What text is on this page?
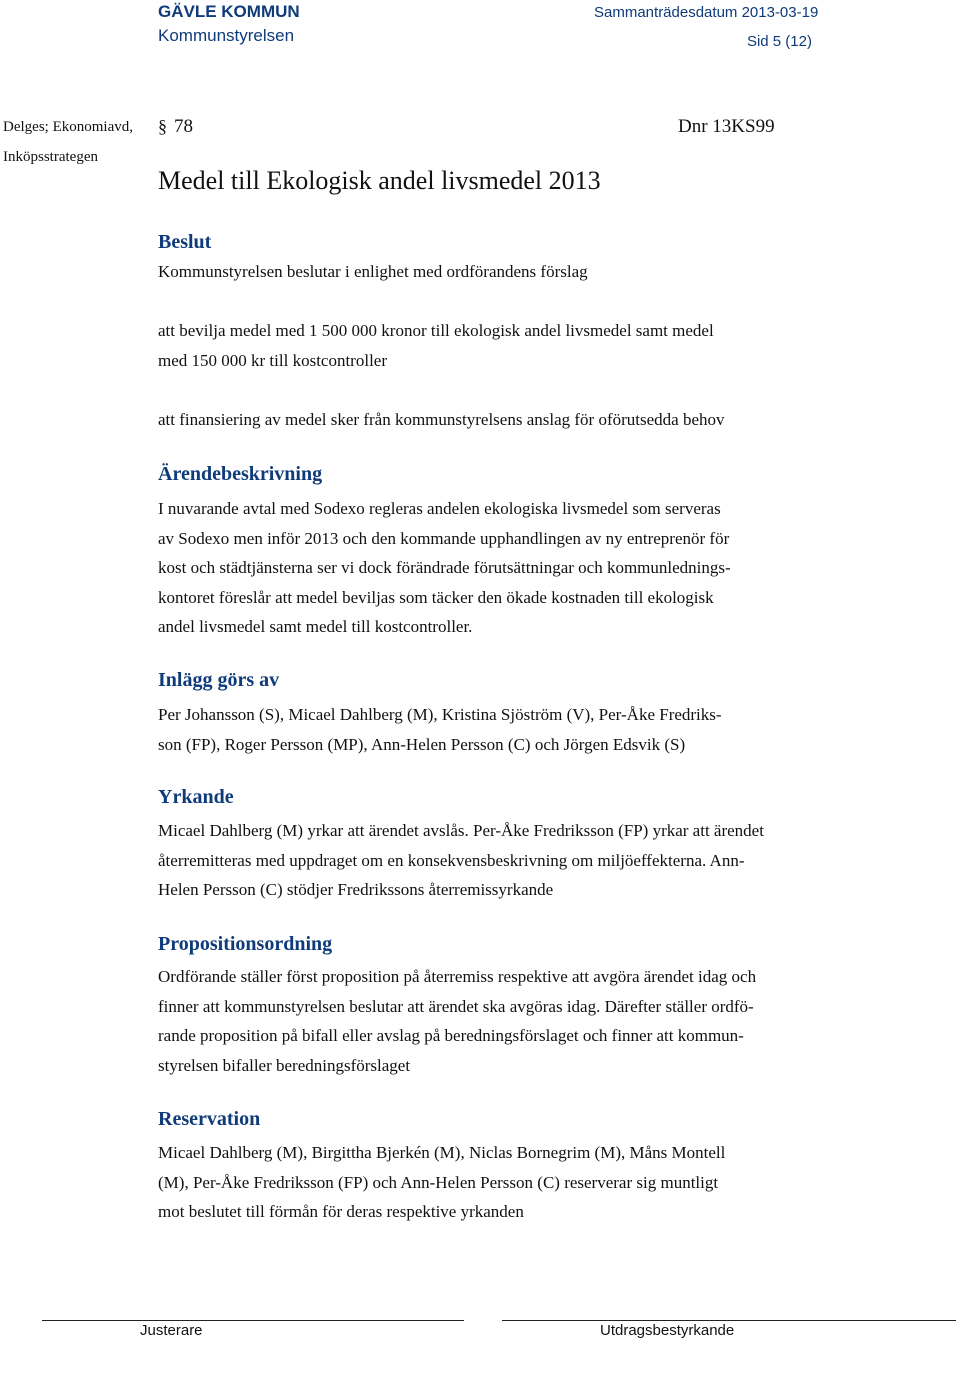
GÄVLE KOMMUN
Kommunstyrelsen
Sammanträdesdatum 2013-03-19
Sid 5 (12)
Delges; Ekonomiavd,
Inköpsstrategen
§ 78	Dnr 13KS99
Medel till Ekologisk andel livsmedel 2013
Beslut
Kommunstyrelsen beslutar i enlighet med ordförandens förslag
att bevilja medel med 1 500 000 kronor till ekologisk andel livsmedel samt medel
med 150 000 kr till kostcontroller
att finansiering av medel sker från kommunstyrelsens anslag för oförutsedda behov
Ärendebeskrivning
I nuvarande avtal med Sodexo regleras andelen ekologiska livsmedel som serveras
av Sodexo men inför 2013 och den kommande upphandlingen av ny entreprenör för
kost och städtjänsterna ser vi dock förändrade förutsättningar och kommunlednings-
kontoret föreslår att medel beviljas som täcker den ökade kostnaden till ekologisk
andel livsmedel samt medel till kostcontroller.
Inlägg görs av
Per Johansson (S), Micael Dahlberg (M), Kristina Sjöström (V), Per-Åke Fredriks-
son (FP), Roger Persson (MP), Ann-Helen Persson (C) och Jörgen Edsvik (S)
Yrkande
Micael Dahlberg (M) yrkar att ärendet avslås. Per-Åke Fredriksson (FP) yrkar att ärendet
återremitteras med uppdraget om en konsekvensbeskrivning om miljöeffekterna. Ann-
Helen Persson (C) stödjer Fredrikssons återremissyrkande
Propositionsordning
Ordförande ställer först proposition på återremiss respektive att avgöra ärendet idag och
finner att kommunstyrelsen beslutar att ärendet ska avgöras idag. Därefter ställer ordfö-
rande proposition på bifall eller avslag på beredningsförslaget och finner att kommun-
styrelsen bifaller beredningsförslaget
Reservation
Micael Dahlberg (M), Birgittha Bjerkén (M), Niclas Bornegrim (M), Måns Montell
(M), Per-Åke Fredriksson (FP) och Ann-Helen Persson (C) reserverar sig muntligt
mot beslutet till förmån för deras respektive yrkanden
Justerare	Utdragsbestyrkande
